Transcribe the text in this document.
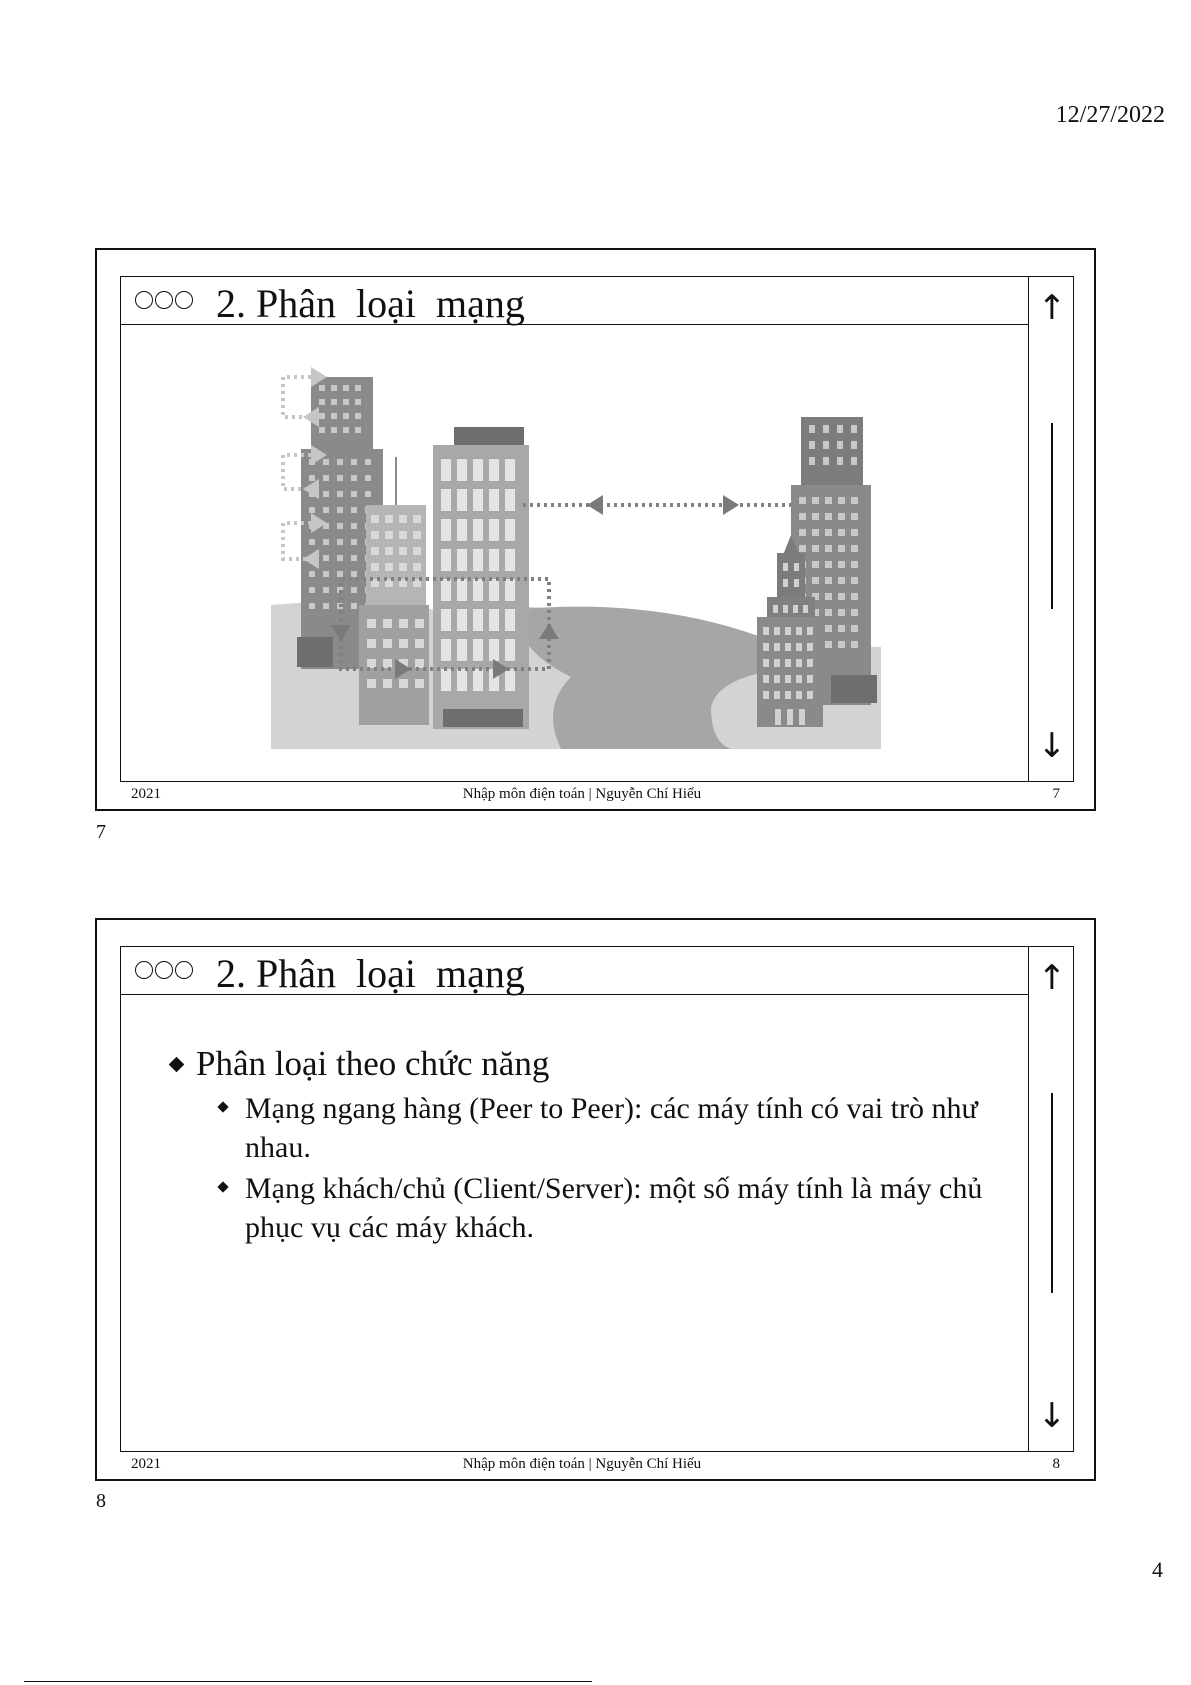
12/27/2022
2. Phân  loại  mạng	↑
↓
2021	Nhập môn điện toán | Nguyễn Chí Hiếu	7
7
2. Phân  loại  mạng
Phân loại theo chức năng
Mạng ngang hàng (Peer to Peer): các máy tính có vai trò như nhau.
Mạng khách/chủ (Client/Server): một số máy tính là máy chủ phục vụ các máy khách.
↑
↓
2021	Nhập môn điện toán | Nguyễn Chí Hiếu	8
8
4
